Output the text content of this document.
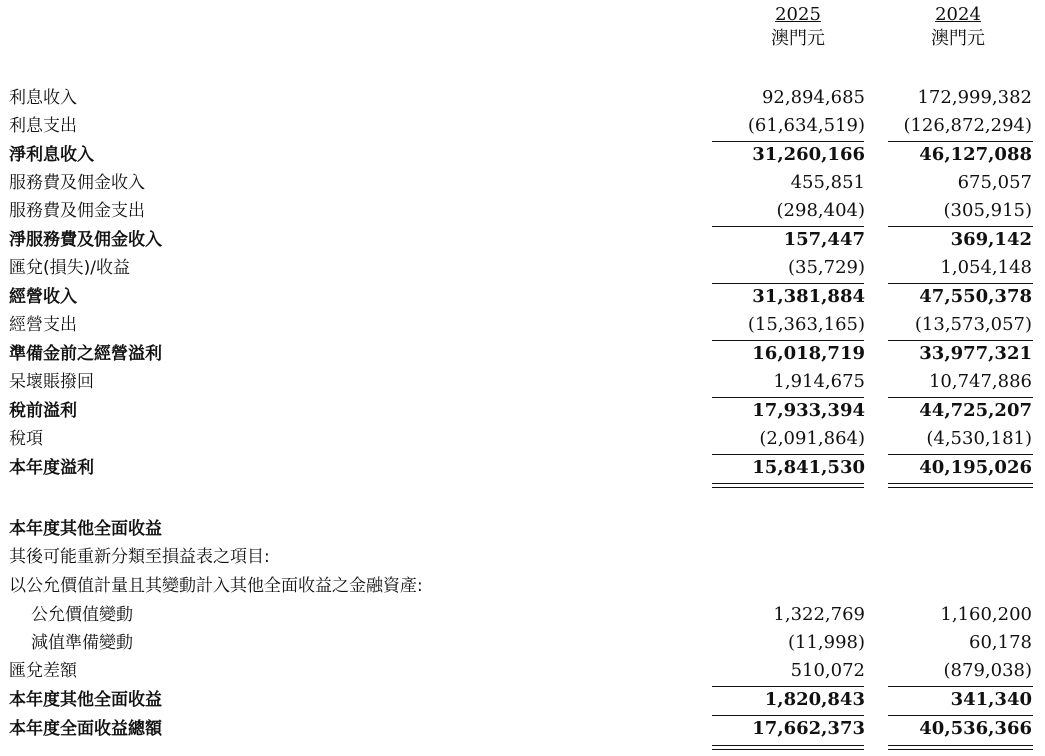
2025
澳門元
2024
澳門元
利息收入	92,894,685	172,999,382
利息支出	(61,634,519)	(126,872,294)
淨利息收入	31,260,166	46,127,088
服務費及佣金收入	455,851	675,057
服務費及佣金支出	(298,404)	(305,915)
淨服務費及佣金收入	157,447	369,142
匯兌(損失)/收益	(35,729)	1,054,148
經營收入	31,381,884	47,550,378
經營支出	(15,363,165)	(13,573,057)
準備金前之經營溢利	16,018,719	33,977,321
呆壞賬撥回	1,914,675	10,747,886
稅前溢利	17,933,394	44,725,207
稅項	(2,091,864)	(4,530,181)
本年度溢利	15,841,530	40,195,026
本年度其他全面收益
其後可能重新分類至損益表之項目:
以公允價值計量且其變動計入其他全面收益之金融資產:
公允價值變動	1,322,769	1,160,200
減值準備變動	(11,998)	60,178
匯兌差額	510,072	(879,038)
本年度其他全面收益	1,820,843	341,340
本年度全面收益總額	17,662,373	40,536,366
